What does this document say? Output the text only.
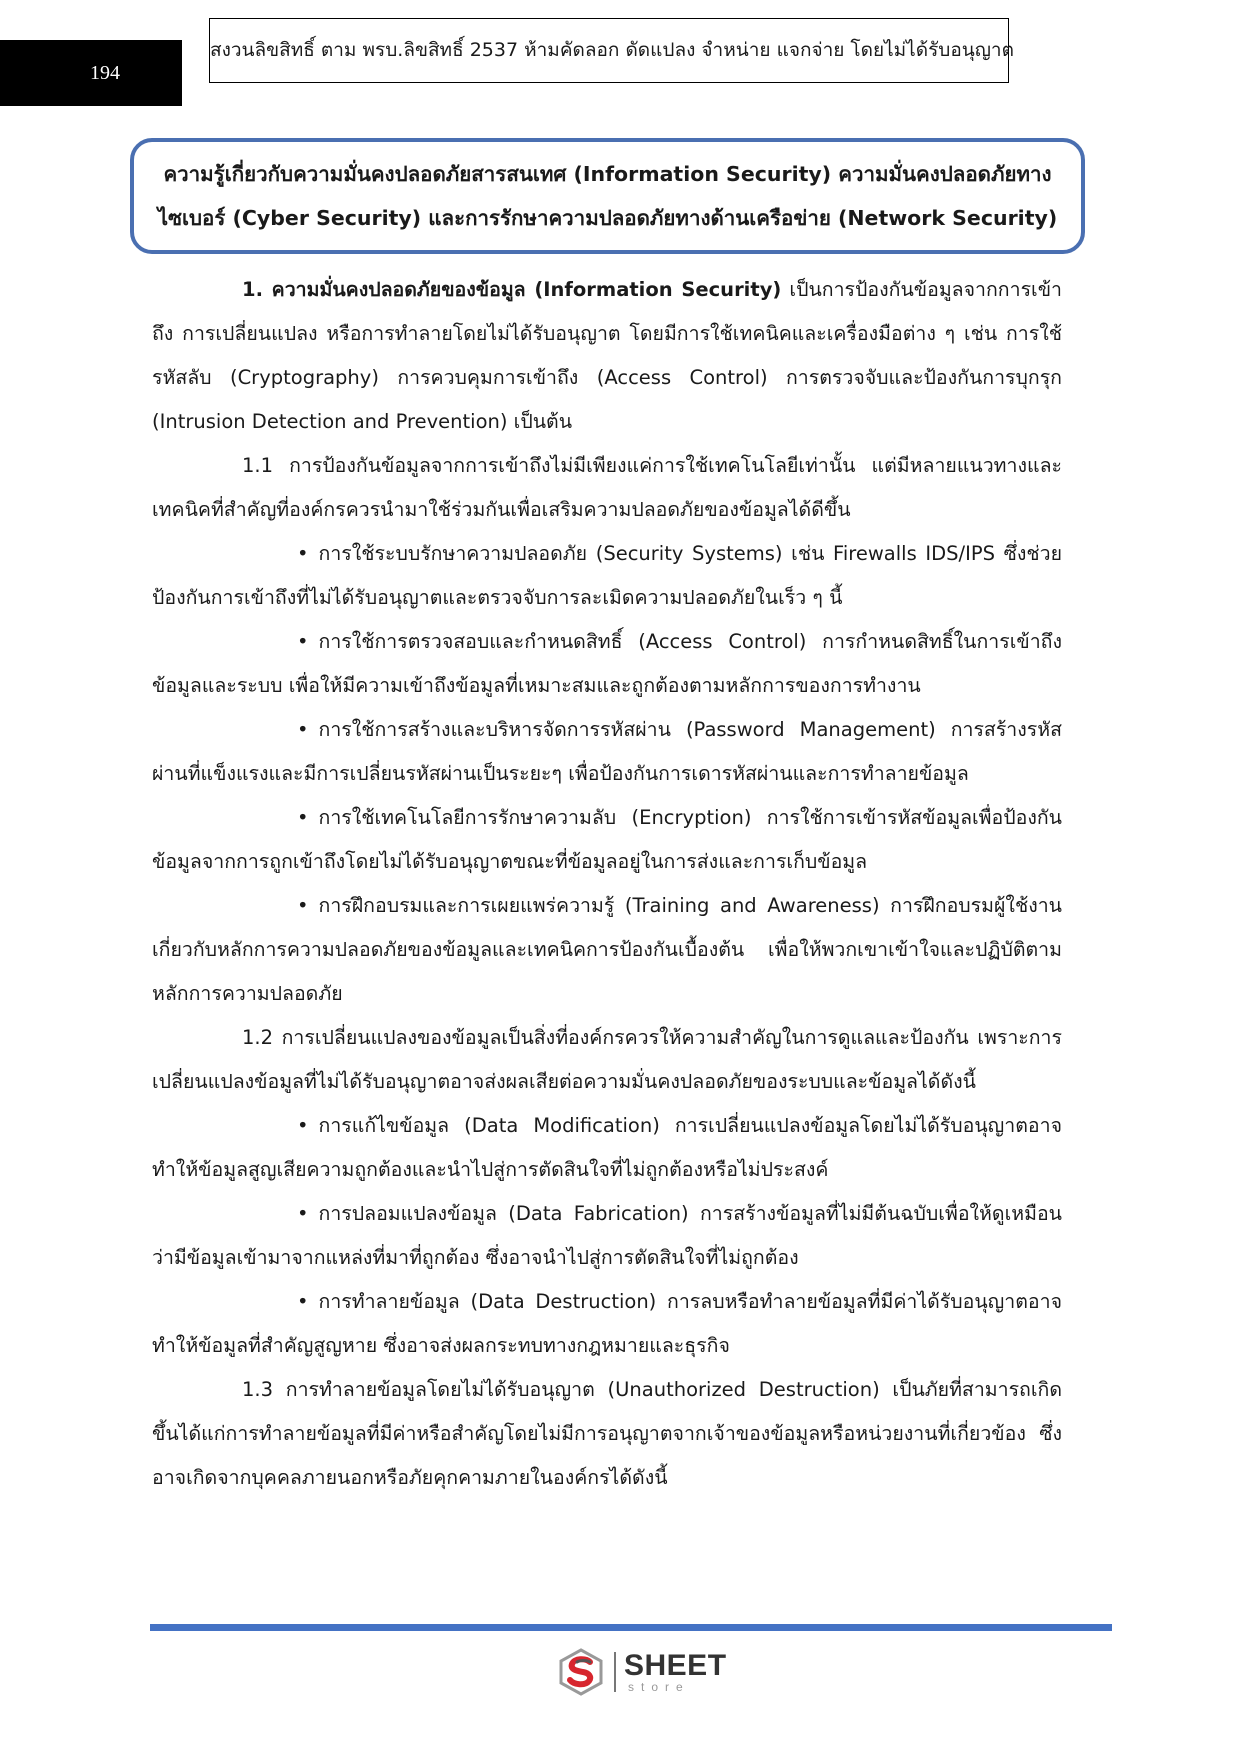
194
สงวนลิขสิทธิ์ ตาม พรบ.ลิขสิทธิ์ 2537 ห้ามคัดลอก ดัดแปลง จำหน่าย แจกจ่าย โดยไม่ได้รับอนุญาต
ความรู้เกี่ยวกับความมั่นคงปลอดภัยสารสนเทศ (Information Security) ความมั่นคงปลอดภัยทาง
ไซเบอร์ (Cyber Security) และการรักษาความปลอดภัยทางด้านเครือข่าย (Network Security)

1. ความมั่นคงปลอดภัยของข้อมูล (Information Security) เป็นการป้องกันข้อมูลจากการเข้าถึง การเปลี่ยนแปลง หรือการทำลายโดยไม่ได้รับอนุญาต โดยมีการใช้เทคนิคและเครื่องมือต่าง ๆ เช่น การใช้รหัสลับ (Cryptography) การควบคุมการเข้าถึง (Access Control) การตรวจจับและป้องกันการบุกรุก (Intrusion Detection and Prevention) เป็นต้น

1.1 การป้องกันข้อมูลจากการเข้าถึงไม่มีเพียงแค่การใช้เทคโนโลยีเท่านั้น แต่มีหลายแนวทางและเทคนิคที่สำคัญที่องค์กรควรนำมาใช้ร่วมกันเพื่อเสริมความปลอดภัยของข้อมูลได้ดีขึ้น

• การใช้ระบบรักษาความปลอดภัย (Security Systems) เช่น Firewalls IDS/IPS ซึ่งช่วยป้องกันการเข้าถึงที่ไม่ได้รับอนุญาตและตรวจจับการละเมิดความปลอดภัยในเร็ว ๆ นี้

• การใช้การตรวจสอบและกำหนดสิทธิ์ (Access Control) การกำหนดสิทธิ์ในการเข้าถึงข้อมูลและระบบ เพื่อให้มีความเข้าถึงข้อมูลที่เหมาะสมและถูกต้องตามหลักการของการทำงาน

• การใช้การสร้างและบริหารจัดการรหัสผ่าน (Password Management) การสร้างรหัสผ่านที่แข็งแรงและมีการเปลี่ยนรหัสผ่านเป็นระยะๆ เพื่อป้องกันการเดารหัสผ่านและการทำลายข้อมูล

• การใช้เทคโนโลยีการรักษาความลับ (Encryption) การใช้การเข้ารหัสข้อมูลเพื่อป้องกันข้อมูลจากการถูกเข้าถึงโดยไม่ได้รับอนุญาตขณะที่ข้อมูลอยู่ในการส่งและการเก็บข้อมูล

• การฝึกอบรมและการเผยแพร่ความรู้ (Training and Awareness) การฝึกอบรมผู้ใช้งานเกี่ยวกับหลักการความปลอดภัยของข้อมูลและเทคนิคการป้องกันเบื้องต้น เพื่อให้พวกเขาเข้าใจและปฏิบัติตามหลักการความปลอดภัย

1.2 การเปลี่ยนแปลงของข้อมูลเป็นสิ่งที่องค์กรควรให้ความสำคัญในการดูแลและป้องกัน เพราะการเปลี่ยนแปลงข้อมูลที่ไม่ได้รับอนุญาตอาจส่งผลเสียต่อความมั่นคงปลอดภัยของระบบและข้อมูลได้ดังนี้

• การแก้ไขข้อมูล (Data Modification) การเปลี่ยนแปลงข้อมูลโดยไม่ได้รับอนุญาตอาจทำให้ข้อมูลสูญเสียความถูกต้องและนำไปสู่การตัดสินใจที่ไม่ถูกต้องหรือไม่ประสงค์

• การปลอมแปลงข้อมูล (Data Fabrication) การสร้างข้อมูลที่ไม่มีต้นฉบับเพื่อให้ดูเหมือนว่ามีข้อมูลเข้ามาจากแหล่งที่มาที่ถูกต้อง ซึ่งอาจนำไปสู่การตัดสินใจที่ไม่ถูกต้อง

• การทำลายข้อมูล (Data Destruction) การลบหรือทำลายข้อมูลที่มีค่าได้รับอนุญาตอาจทำให้ข้อมูลที่สำคัญสูญหาย ซึ่งอาจส่งผลกระทบทางกฎหมายและธุรกิจ

1.3 การทำลายข้อมูลโดยไม่ได้รับอนุญาต (Unauthorized Destruction) เป็นภัยที่สามารถเกิดขึ้นได้แก่การทำลายข้อมูลที่มีค่าหรือสำคัญโดยไม่มีการอนุญาตจากเจ้าของข้อมูลหรือหน่วยงานที่เกี่ยวข้อง ซึ่งอาจเกิดจากบุคคลภายนอกหรือภัยคุกคามภายในองค์กรได้ดังนี้

SHEET
store
